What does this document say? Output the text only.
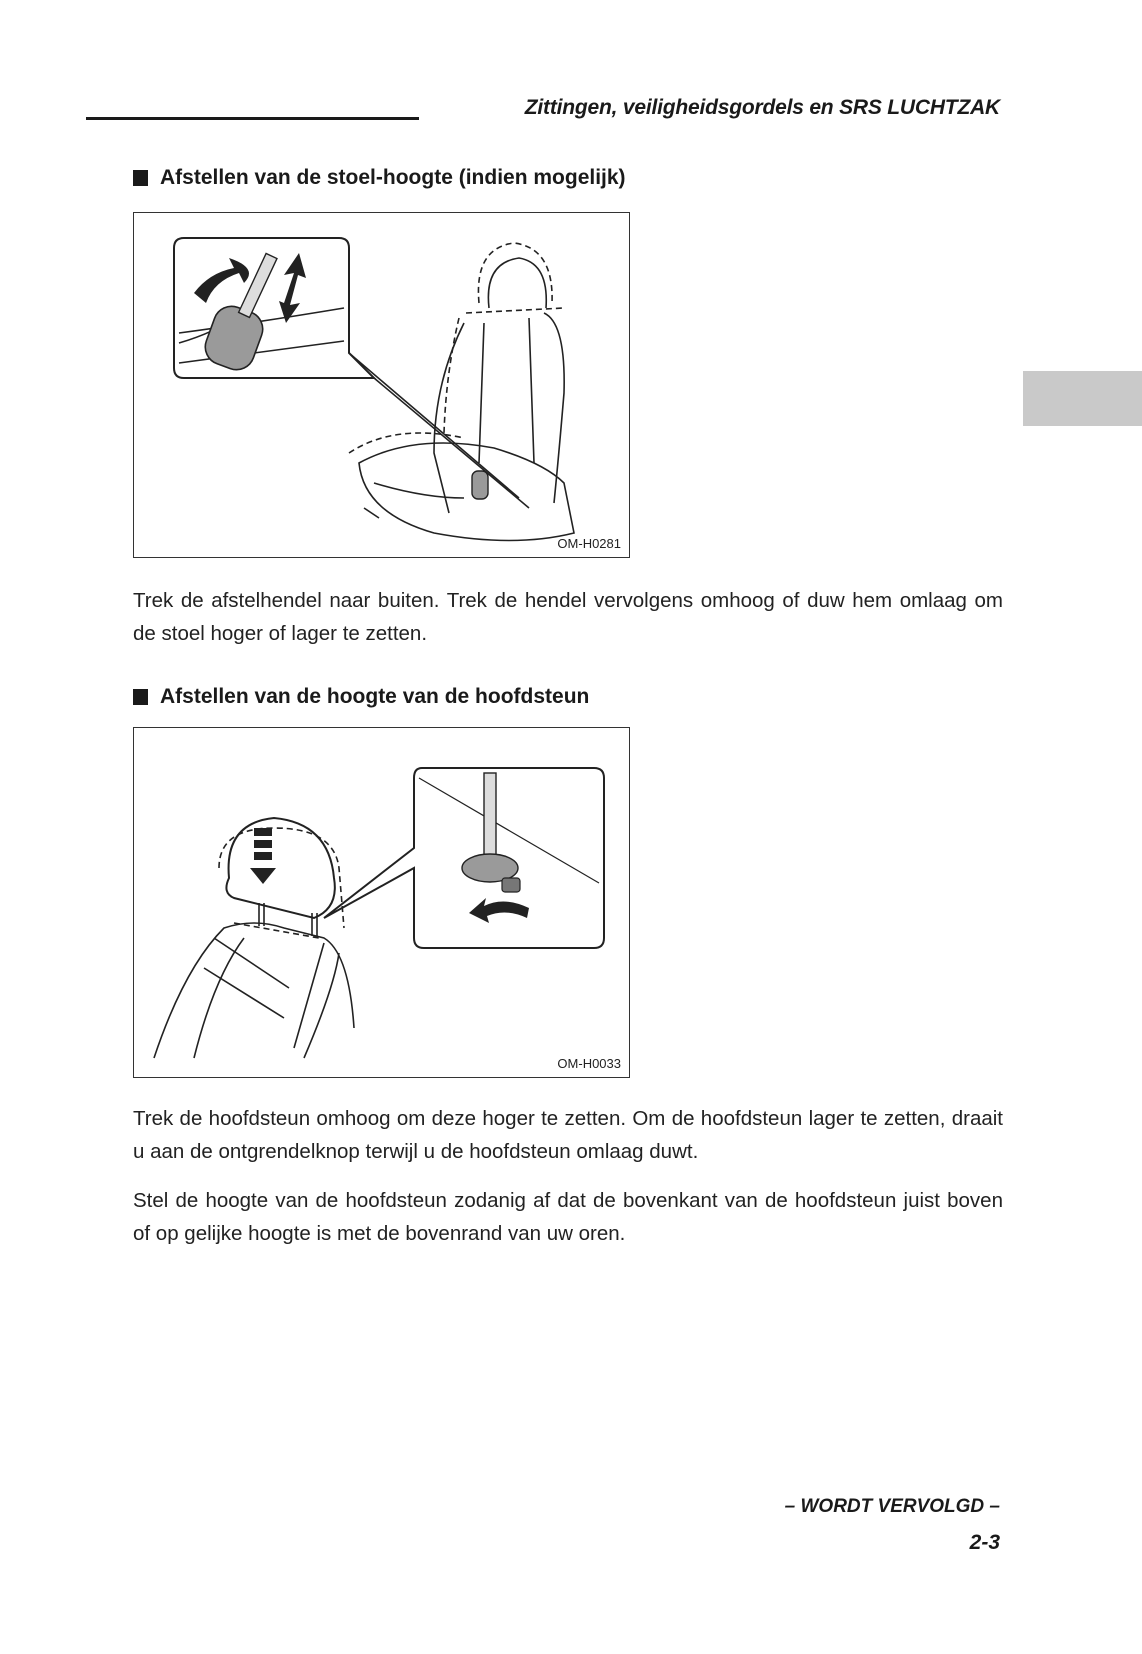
Zittingen, veiligheidsgordels en SRS LUCHTZAK
Afstellen van de stoel-hoogte (indien mogelijk)
OM-H0281
Trek de afstelhendel naar buiten. Trek de hendel vervolgens omhoog of duw hem omlaag om de stoel hoger of lager te zetten.
Afstellen van de hoogte van de hoofdsteun
OM-H0033
Trek de hoofdsteun omhoog om deze hoger te zetten. Om de hoofdsteun lager te zetten, draait u aan de ontgrendelknop terwijl u de hoofdsteun omlaag duwt.
Stel de hoogte van de hoofdsteun zodanig af dat de bovenkant van de hoofdsteun juist boven of op gelijke hoogte is met de bovenrand van uw oren.
– WORDT VERVOLGD –
2-3
